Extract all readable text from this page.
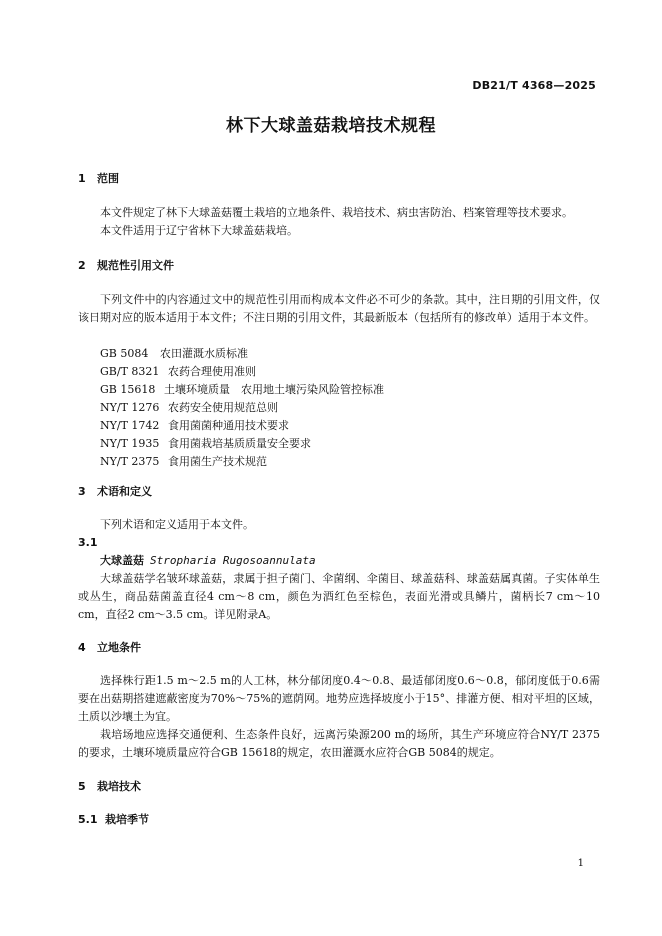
DB21/T 4368—2025
林下大球盖菇栽培技术规程
1 范围
本文件规定了林下大球盖菇覆土栽培的立地条件、栽培技术、病虫害防治、档案管理等技术要求。
本文件适用于辽宁省林下大球盖菇栽培。
2 规范性引用文件
下列文件中的内容通过文中的规范性引用而构成本文件必不可少的条款。其中，注日期的引用文件，仅该日期对应的版本适用于本文件；不注日期的引用文件，其最新版本（包括所有的修改单）适用于本文件。
GB 5084 农田灌溉水质标准
GB/T 8321 农药合理使用准则
GB 15618 土壤环境质量　农用地土壤污染风险管控标准
NY/T 1276 农药安全使用规范总则
NY/T 1742 食用菌菌种通用技术要求
NY/T 1935 食用菌栽培基质质量安全要求
NY/T 2375 食用菌生产技术规范
3 术语和定义
下列术语和定义适用于本文件。
3.1
大球盖菇 Stropharia Rugosoannulata
大球盖菇学名皱环球盖菇，隶属于担子菌门、伞菌纲、伞菌目、球盖菇科、球盖菇属真菌。子实体单生或丛生，商品菇菌盖直径4 cm～8 cm，颜色为酒红色至棕色，表面光滑或具鳞片，菌柄长7 cm～10 cm，直径2 cm～3.5 cm。详见附录A。
4 立地条件
选择株行距1.5 m～2.5 m的人工林，林分郁闭度0.4～0.8、最适郁闭度0.6～0.8，郁闭度低于0.6需要在出菇期搭建遮蔽密度为70%～75%的遮荫网。地势应选择坡度小于15°、排灌方便、相对平坦的区域，土质以沙壤土为宜。
栽培场地应选择交通便利、生态条件良好，远离污染源200 m的场所，其生产环境应符合NY/T 2375的要求，土壤环境质量应符合GB 15618的规定，农田灌溉水应符合GB 5084的规定。
5 栽培技术
5.1 栽培季节
1
